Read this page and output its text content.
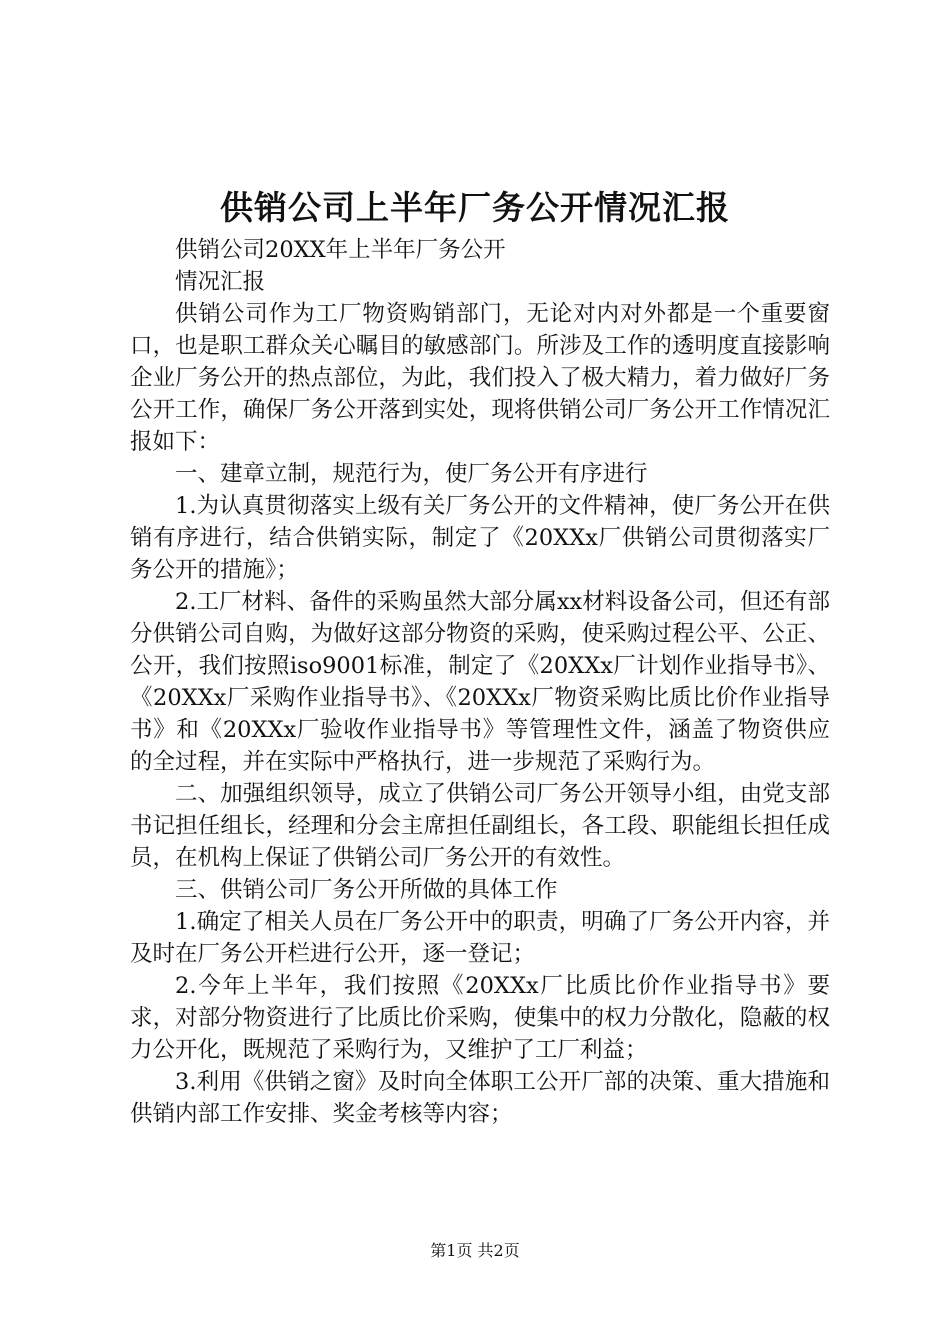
供销公司上半年厂务公开情况汇报

供销公司20XX年上半年厂务公开

情况汇报

供销公司作为工厂物资购销部门，无论对内对外都是一个重要窗口，也是职工群众关心瞩目的敏感部门。所涉及工作的透明度直接影响企业厂务公开的热点部位，为此，我们投入了极大精力，着力做好厂务公开工作，确保厂务公开落到实处，现将供销公司厂务公开工作情况汇报如下：

一、建章立制，规范行为，使厂务公开有序进行

1.为认真贯彻落实上级有关厂务公开的文件精神，使厂务公开在供销有序进行，结合供销实际，制定了《20XXx厂供销公司贯彻落实厂务公开的措施》；

2.工厂材料、备件的采购虽然大部分属xx材料设备公司，但还有部分供销公司自购，为做好这部分物资的采购，使采购过程公平、公正、公开，我们按照iso9001标准，制定了《20XXx厂计划作业指导书》、《20XXx厂采购作业指导书》、《20XXx厂物资采购比质比价作业指导书》和《20XXx厂验收作业指导书》等管理性文件，涵盖了物资供应的全过程，并在实际中严格执行，进一步规范了采购行为。

二、加强组织领导，成立了供销公司厂务公开领导小组，由党支部书记担任组长，经理和分会主席担任副组长，各工段、职能组长担任成员，在机构上保证了供销公司厂务公开的有效性。

三、供销公司厂务公开所做的具体工作

1.确定了相关人员在厂务公开中的职责，明确了厂务公开内容，并及时在厂务公开栏进行公开，逐一登记；

2.今年上半年，我们按照《20XXx厂比质比价作业指导书》要求，对部分物资进行了比质比价采购，使集中的权力分散化，隐蔽的权力公开化，既规范了采购行为，又维护了工厂利益；

3.利用《供销之窗》及时向全体职工公开厂部的决策、重大措施和供销内部工作安排、奖金考核等内容；

第1页 共2页
